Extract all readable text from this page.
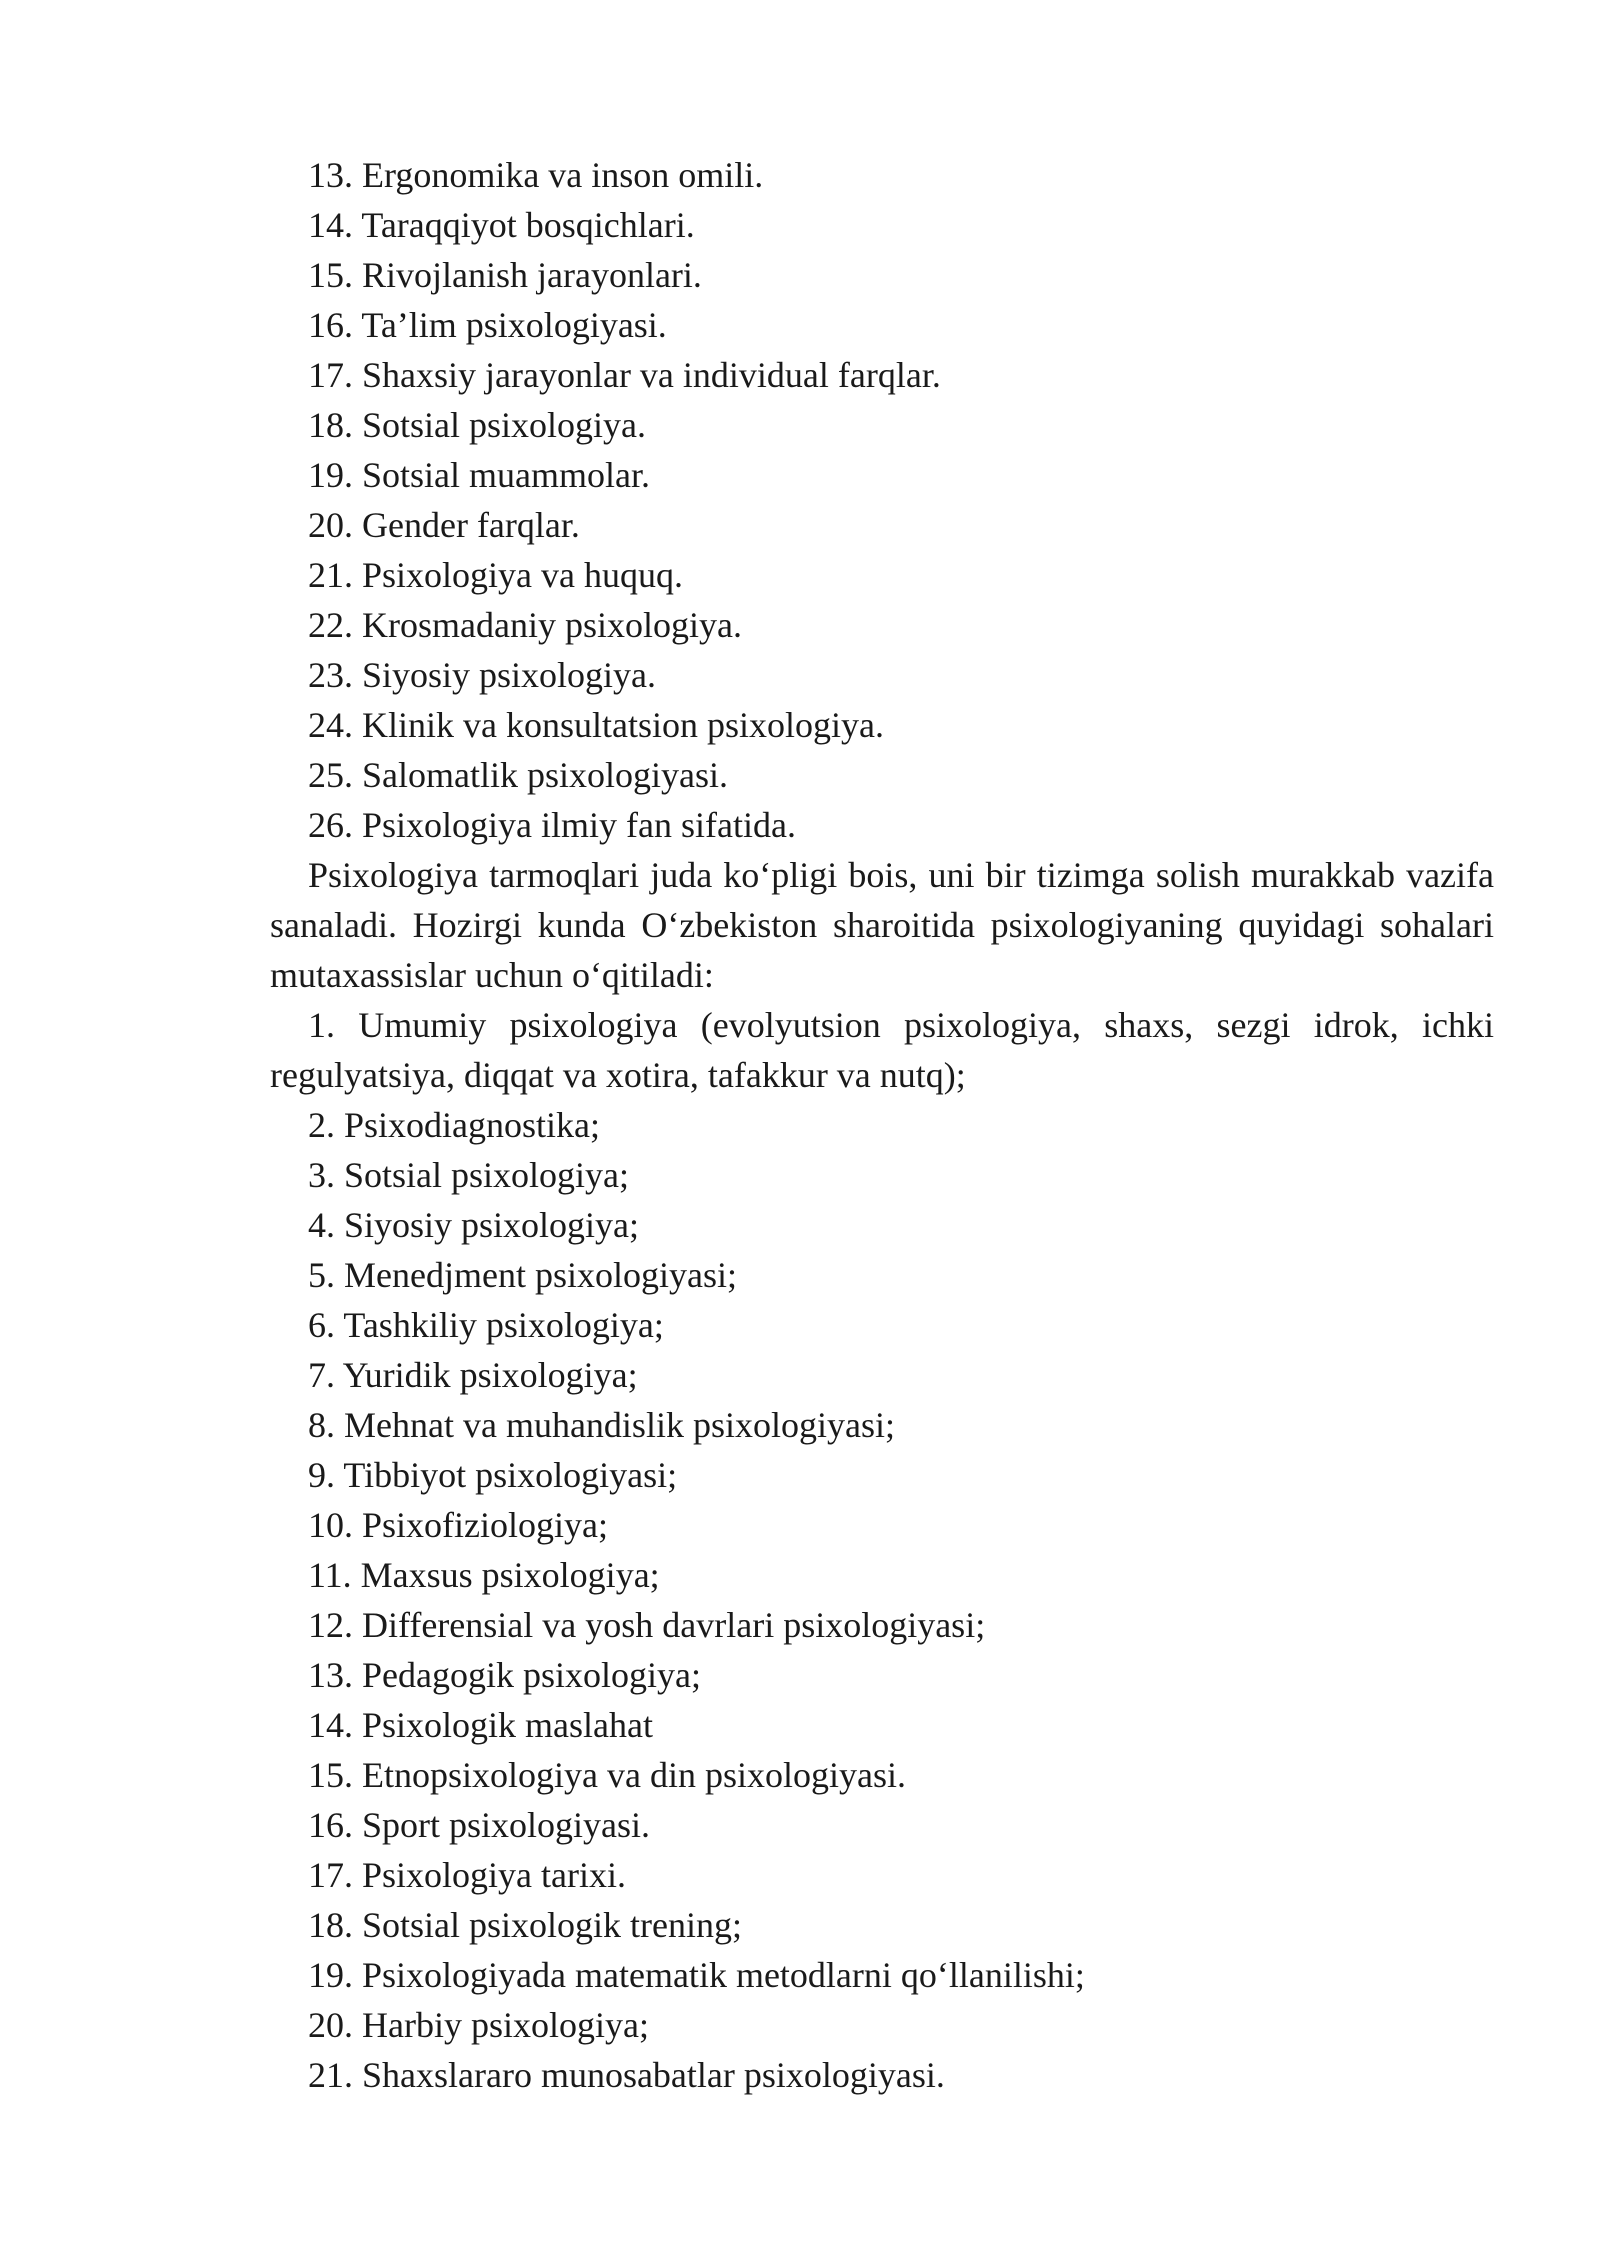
13. Ergonomika va inson omili.

14. Taraqqiyot bosqichlari.

15. Rivojlanish jarayonlari.

16. Ta’lim psixologiyasi.

17. Shaxsiy jarayonlar va individual farqlar.

18. Sotsial psixologiya.

19. Sotsial muammolar.

20. Gender farqlar.

21. Psixologiya va huquq.

22. Krosmadaniy psixologiya.

23. Siyosiy psixologiya.

24. Klinik va konsultatsion psixologiya.

25. Salomatlik psixologiyasi.

26. Psixologiya ilmiy fan sifatida.

Psixologiya tarmoqlari juda ko‘pligi bois, uni bir tizimga solish murakkab vazifa sanaladi. Hozirgi kunda O‘zbekiston sharoitida psixologiyaning quyidagi sohalari mutaxassislar uchun o‘qitiladi:

1. Umumiy psixologiya (evolyutsion psixologiya, shaxs, sezgi idrok, ichki regulyatsiya, diqqat va xotira, tafakkur va nutq);

2. Psixodiagnostika;

3. Sotsial psixologiya;

4. Siyosiy psixologiya;

5. Menedjment psixologiyasi;

6. Tashkiliy psixologiya;

7. Yuridik psixologiya;

8. Mehnat va muhandislik psixologiyasi;

9. Tibbiyot psixologiyasi;

10. Psixofiziologiya;

11. Maxsus psixologiya;

12. Differensial va yosh davrlari psixologiyasi;

13. Pedagogik psixologiya;

14. Psixologik maslahat

15. Etnopsixologiya va din psixologiyasi.

16. Sport psixologiyasi.

17. Psixologiya tarixi.

18. Sotsial psixologik trening;

19. Psixologiyada matematik metodlarni qo‘llanilishi;

20. Harbiy psixologiya;

21. Shaxslararo munosabatlar psixologiyasi.
